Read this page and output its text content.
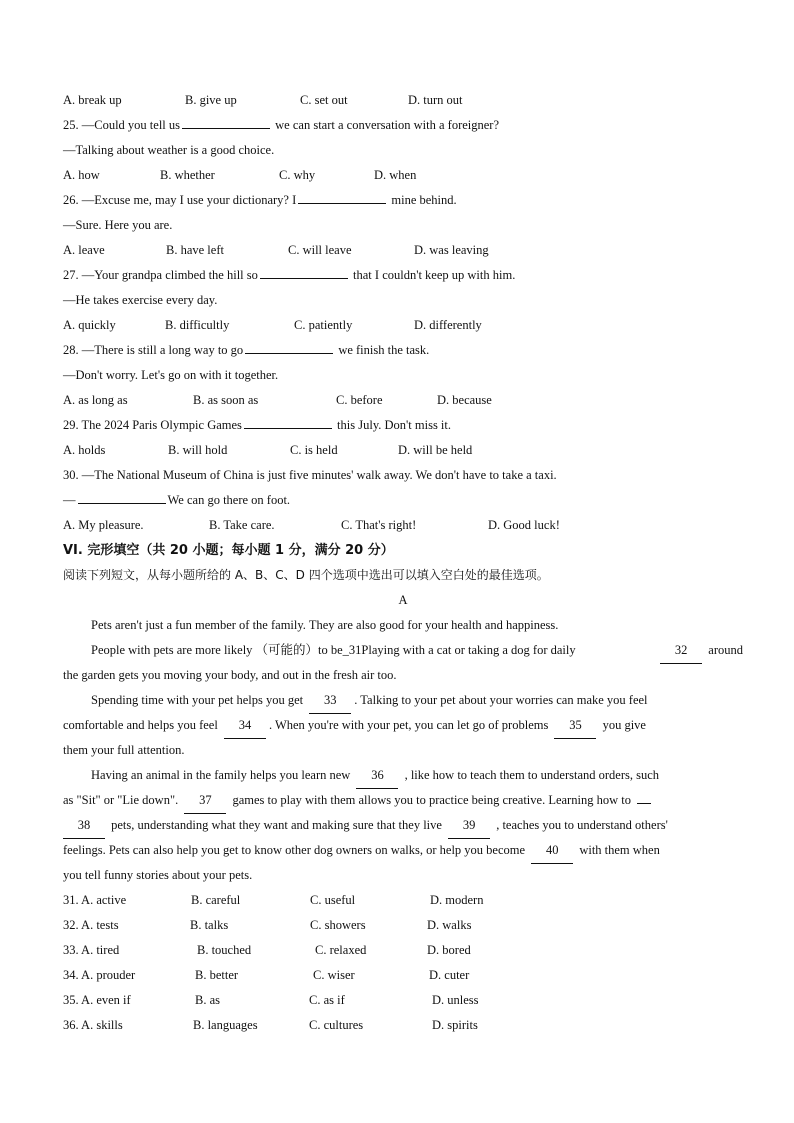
A. break up	B. give up	C. set out	D. turn out
25. —Could you tell us	we can start a conversation with a foreigner?
—Talking about weather is a good choice.
A. how	B. whether	C. why	D. when
26. —Excuse me, may I use your dictionary? I	mine behind.
—Sure. Here you are.
A. leave	B. have left	C. will leave	D. was leaving
27. —Your grandpa climbed the hill so	that I couldn't keep up with him.
—He takes exercise every day.
A. quickly	B. difficultly	C. patiently	D. differently
28. —There is still a long way to go	we finish the task.
—Don't worry. Let's go on with it together.
A. as long as	B. as soon as	C. before	D. because
29. The 2024 Paris Olympic Games	this July. Don't miss it.
A. holds	B. will hold	C. is held	D. will be held
30. —The National Museum of China is just five minutes' walk away. We don't have to take a taxi.
—	We can go there on foot.
A. My pleasure.	B. Take care.	C. That's right!	D. Good luck!
VI. 完形填空（共 20 小题；每小题 1 分，满分 20 分）
阅读下列短文，从每小题所给的 A、B、C、D 四个选项中选出可以填入空白处的最佳选项。
A
Pets aren't just a fun member of the family. They are also good for your health and happiness.
People with pets are more likely （可能的）to be_31Playing with a cat or taking a dog for daily	32 around
the garden gets you moving your body, and out in the fresh air too.
Spending time with your pet helps you get 33 . Talking to your pet about your worries can make you feel
comfortable and helps you feel 34 . When you're with your pet, you can let go of problems 35 you give
them your full attention.
Having an animal in the family helps you learn new 36 , like how to teach them to understand orders, such
as "Sit" or "Lie down". 37 games to play with them allows you to practice being creative. Learning how to
38 pets, understanding what they want and making sure that they live 39 , teaches you to understand others'
feelings. Pets can also help you get to know other dog owners on walks, or help you become 40 with them when
you tell funny stories about your pets.
31. A. active	B. careful	C. useful	D. modern
32. A. tests	B. talks	C. showers	D. walks
33. A. tired	B. touched	C. relaxed	D. bored
34. A. prouder	B. better	C. wiser	D. cuter
35. A. even if	B. as	C. as if	D. unless
36. A. skills	B. languages	C. cultures	D. spirits
